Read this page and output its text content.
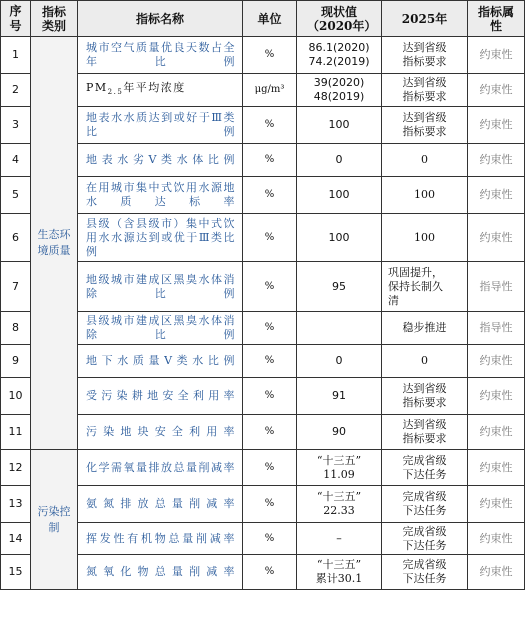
序号	指标类别	指标名称	单位	现状值（2020年）	2025年	指标属性
1	生态环境质量	城市空气质量优良天数占全年比例	%	86.1(2020)
74.2(2019)	达到省级
指标要求	约束性
2		$PM_{2.5}$年平均浓度	μg/m³	39(2020)
48(2019)	达到省级
指标要求	约束性
3		地表水水质达到或好于Ⅲ类比例	%	100	达到省级
指标要求	约束性
4		地表水劣Ⅴ类水体比例	%	0	0	约束性
5		在用城市集中式饮用水源地水质达标率	%	100	100	约束性
6		县级（含县级市）集中式饮用水水源达到或优于Ⅲ类比例	%	100	100	约束性
7		地级城市建成区黑臭水体消除比例	%	95	巩固提升，
保持长制久
清	指导性
8		县级城市建成区黑臭水体消除比例	%		稳步推进	指导性
9		地下水质量Ⅴ类水比例	%	0	0	约束性
10		受污染耕地安全利用率	%	91	达到省级
指标要求	约束性
11		污染地块安全利用率	%	90	达到省级
指标要求	约束性
12	污染控制	化学需氧量排放总量削减率	%	“十三五”
11.09	完成省级
下达任务	约束性
13		氨氮排放总量削减率	%	“十三五”
22.33	完成省级
下达任务	约束性
14		挥发性有机物总量削减率	%	–	完成省级
下达任务	约束性
15		氮氧化物总量削减率	%	“十三五”
累计30.1	完成省级
下达任务	约束性
